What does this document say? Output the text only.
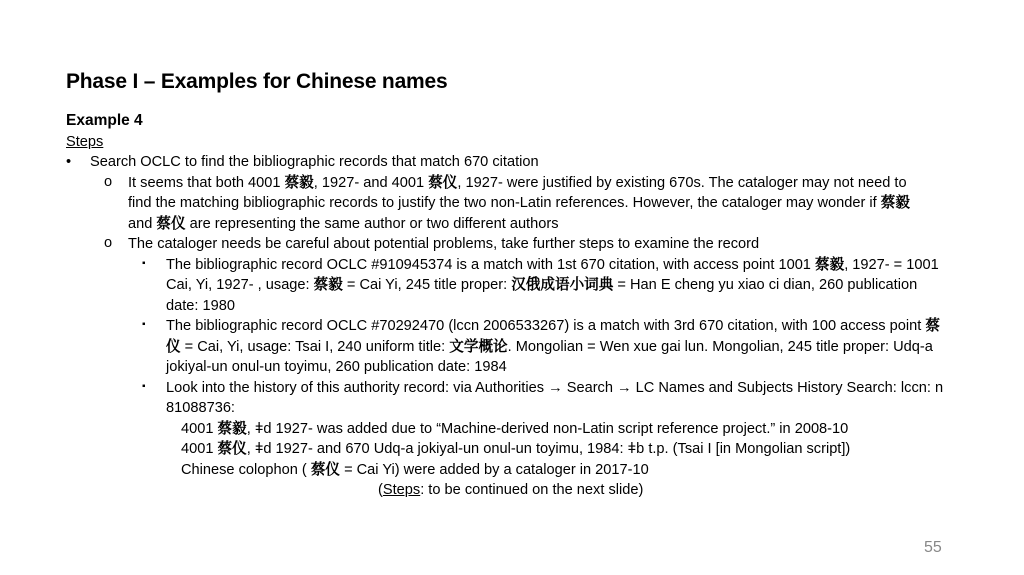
Phase I – Examples for Chinese names
Example 4
Steps
• Search OCLC to find the bibliographic records that match 670 citation
o It seems that both 4001 蔡毅, 1927- and 4001 蔡仪, 1927- were justified by existing 670s. The cataloger may not need to find the matching bibliographic records to justify the two non-Latin references. However, the cataloger may wonder if 蔡毅 and 蔡仪 are representing the same author or two different authors
o The cataloger needs be careful about potential problems, take further steps to examine the record
▪ The bibliographic record OCLC #910945374 is a match with 1st 670 citation, with access point 1001 蔡毅, 1927- = 1001 Cai, Yi, 1927- , usage: 蔡毅 = Cai Yi, 245 title proper: 汉俄成语小词典 = Han E cheng yu xiao ci dian, 260 publication date: 1980
▪ The bibliographic record OCLC #70292470 (lccn 2006533267) is a match with 3rd 670 citation, with 100 access point 蔡仪 = Cai, Yi, usage: Tsai I, 240 uniform title: 文学概论. Mongolian = Wen xue gai lun. Mongolian, 245 title proper: Udq-a jokiyal-un onul-un toyimu, 260 publication date: 1984
▪ Look into the history of this authority record: via Authorities → Search → LC Names and Subjects History Search: lccn: n 81088736:
4001 蔡毅, ǂd 1927- was added due to “Machine-derived non-Latin script reference project.” in 2008-10
4001 蔡仪, ǂd 1927- and 670 Udq-a jokiyal-un onul-un toyimu, 1984: ǂb t.p. (Tsai I [in Mongolian script])
Chinese colophon ( 蔡仪 = Cai Yi) were added by a cataloger in 2017-10
(Steps: to be continued on the next slide)
55
